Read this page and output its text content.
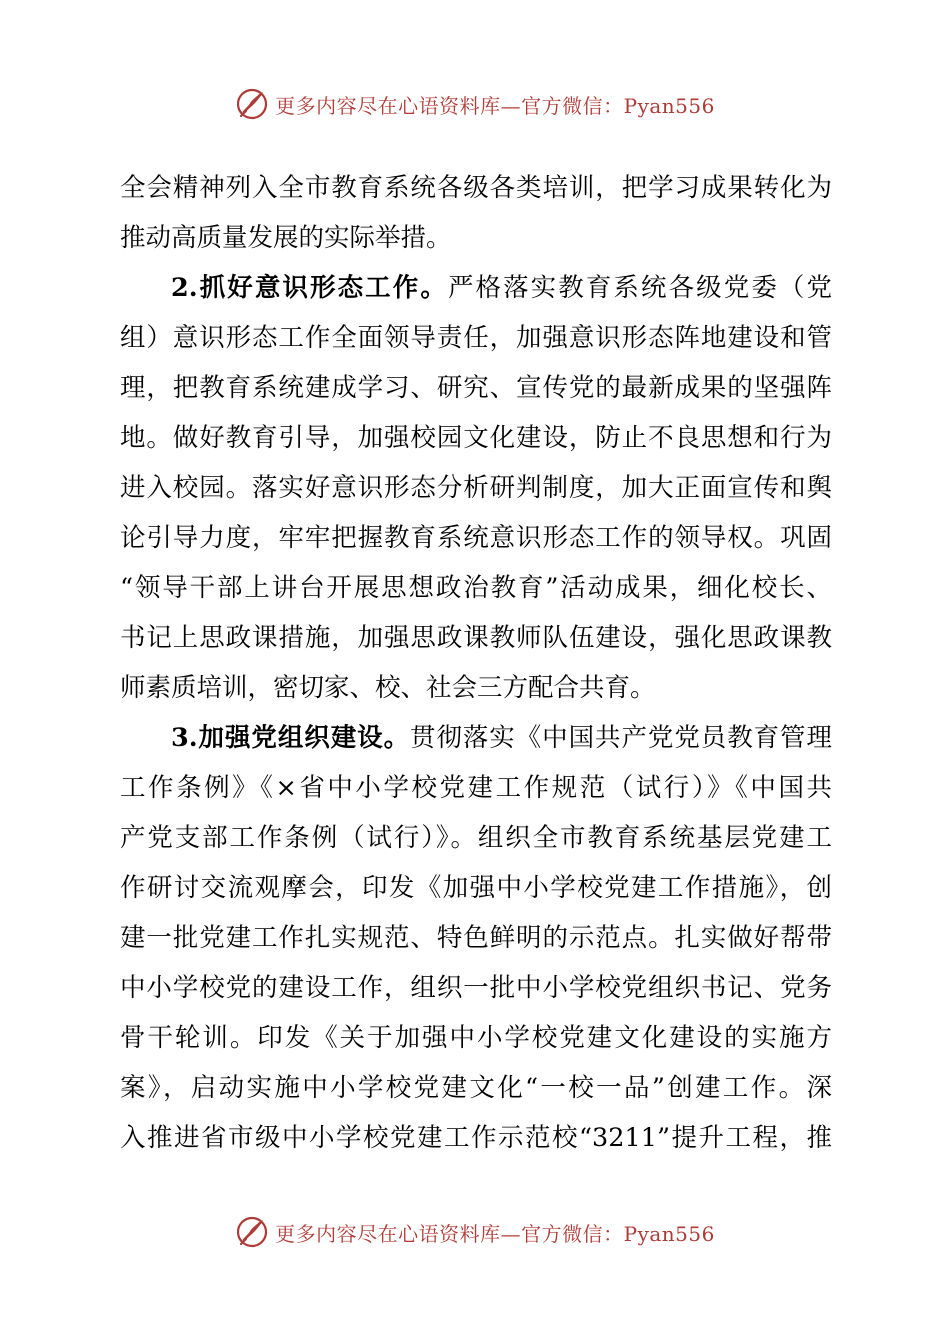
更多内容尽在心语资料库—官方微信：Pyan556
全会精神列入全市教育系统各级各类培训，把学习成果转化为
推动高质量发展的实际举措。
2.抓好意识形态工作。严格落实教育系统各级党委（党
组）意识形态工作全面领导责任，加强意识形态阵地建设和管
理，把教育系统建成学习、研究、宣传党的最新成果的坚强阵
地。做好教育引导，加强校园文化建设，防止不良思想和行为
进入校园。落实好意识形态分析研判制度，加大正面宣传和舆
论引导力度，牢牢把握教育系统意识形态工作的领导权。巩固
“领导干部上讲台开展思想政治教育”活动成果，细化校长、
书记上思政课措施，加强思政课教师队伍建设，强化思政课教
师素质培训，密切家、校、社会三方配合共育。
3.加强党组织建设。贯彻落实《中国共产党党员教育管理
工作条例》《×省中小学校党建工作规范（试行）》《中国共
产党支部工作条例（试行）》。组织全市教育系统基层党建工
作研讨交流观摩会，印发《加强中小学校党建工作措施》，创
建一批党建工作扎实规范、特色鲜明的示范点。扎实做好帮带
中小学校党的建设工作，组织一批中小学校党组织书记、党务
骨干轮训。印发《关于加强中小学校党建文化建设的实施方
案》，启动实施中小学校党建文化“一校一品”创建工作。深
入推进省市级中小学校党建工作示范校“3211”提升工程，推
更多内容尽在心语资料库—官方微信：Pyan556
